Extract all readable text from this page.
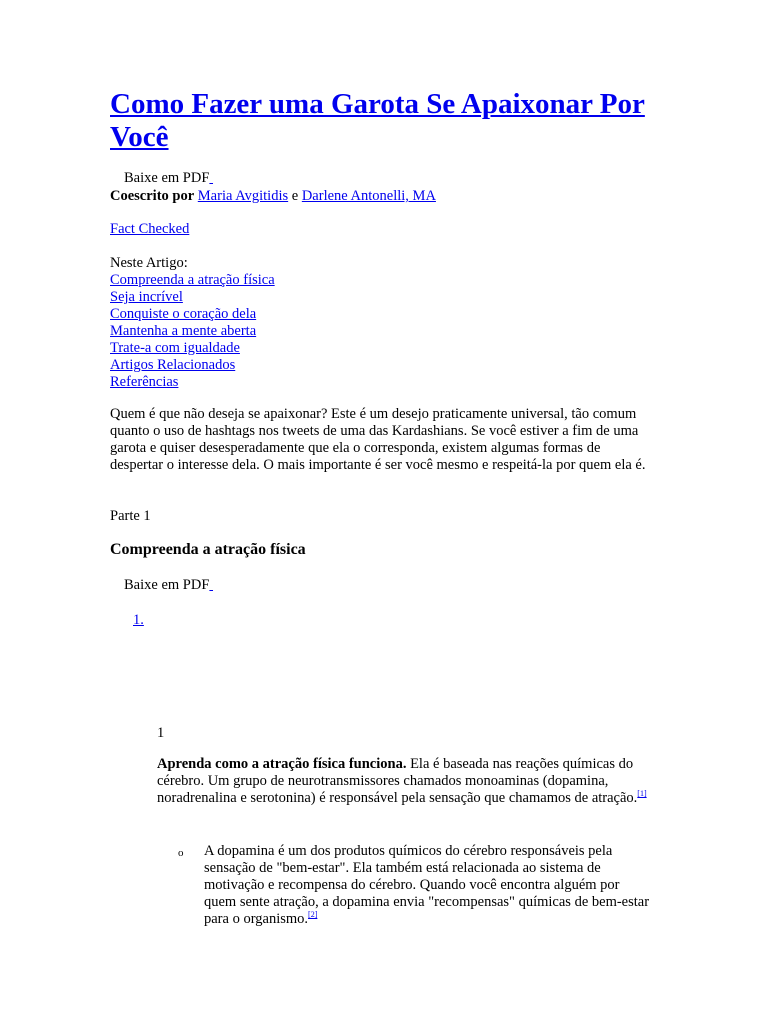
Como Fazer uma Garota Se Apaixonar Por Você
Baixe em PDF
Coescrito por Maria Avgitidis e Darlene Antonelli, MA
Fact Checked
Neste Artigo:
Compreenda a atração física
Seja incrível
Conquiste o coração dela
Mantenha a mente aberta
Trate-a com igualdade
Artigos Relacionados
Referências

Quem é que não deseja se apaixonar? Este é um desejo praticamente universal, tão comum quanto o uso de hashtags nos tweets de uma das Kardashians. Se você estiver a fim de uma garota e quiser desesperadamente que ela o corresponda, existem algumas formas de despertar o interesse dela. O mais importante é ser você mesmo e respeitá-la por quem ela é.

Parte 1
Compreenda a atração física
Baixe em PDF
1.
1

Aprenda como a atração física funciona. Ela é baseada nas reações químicas do cérebro. Um grupo de neurotransmissores chamados monoaminas (dopamina, noradrenalina e serotonina) é responsável pela sensação que chamamos de atração.[1]

o A dopamina é um dos produtos químicos do cérebro responsáveis pela sensação de "bem-estar". Ela também está relacionada ao sistema de motivação e recompensa do cérebro. Quando você encontra alguém por quem sente atração, a dopamina envia "recompensas" químicas de bem-estar para o organismo.[2]
